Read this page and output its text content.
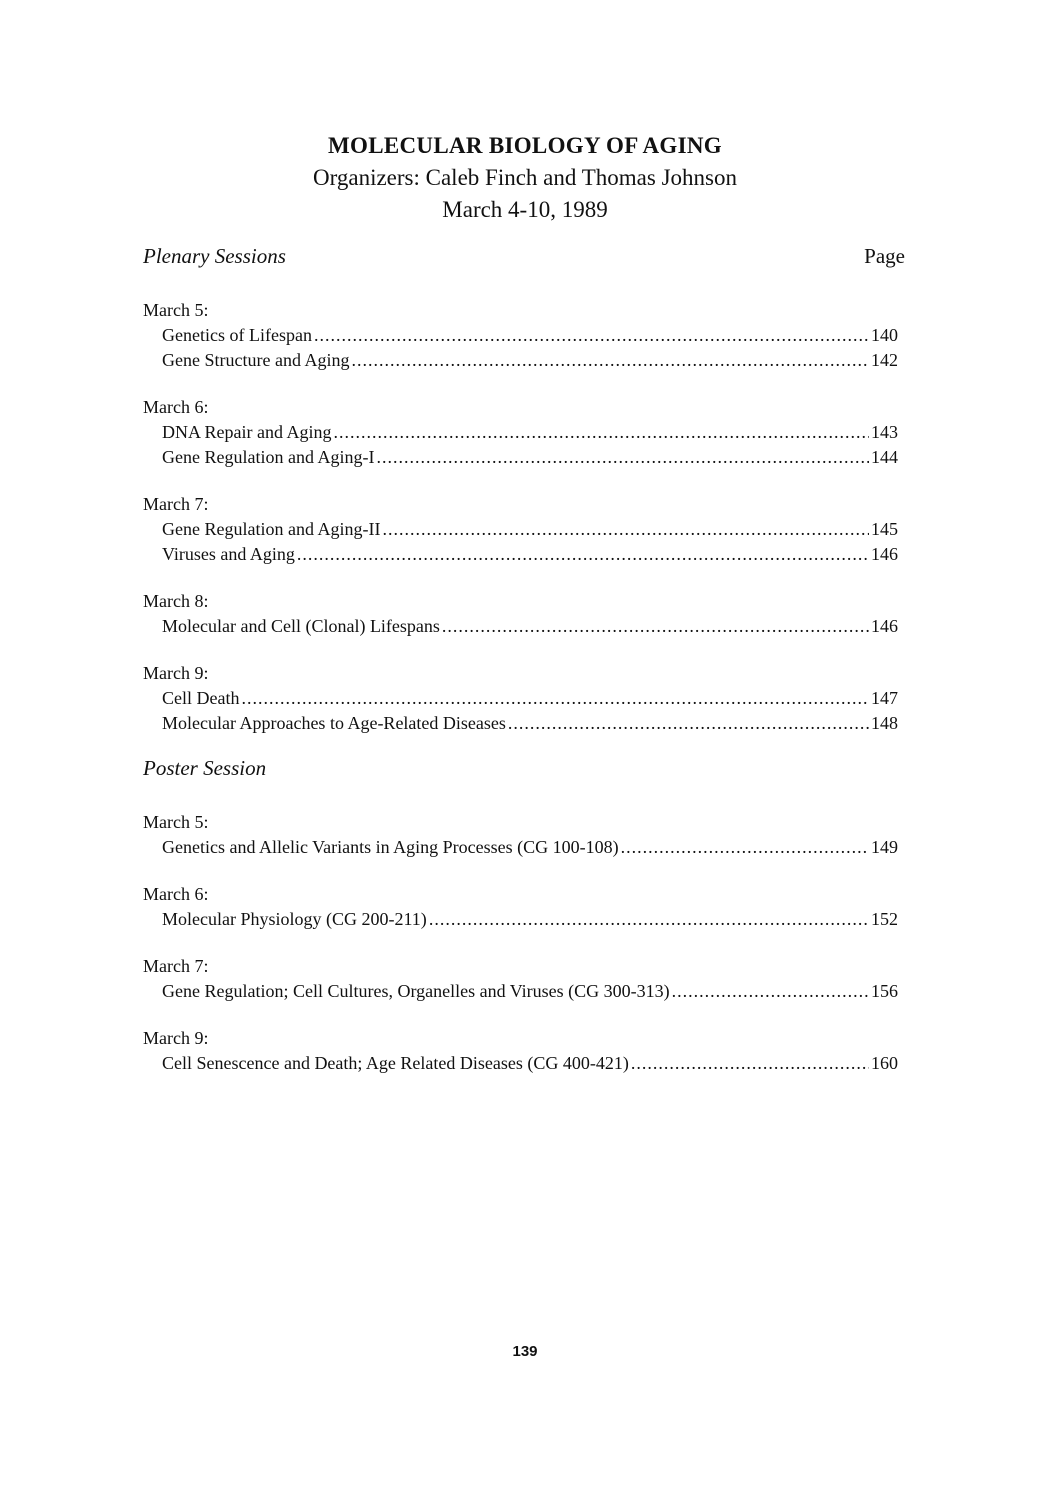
MOLECULAR BIOLOGY OF AGING

Organizers: Caleb Finch and Thomas Johnson

March 4-10, 1989

Plenary Sessions	Page
March 5:
Genetics of Lifespan .....	140
Gene Structure and Aging .....	142
March 6:
DNA Repair and Aging .....	143
Gene Regulation and Aging-I .....	144
March 7:
Gene Regulation and Aging-II .....	145
Viruses and Aging .....	146
March 8:
Molecular and Cell (Clonal) Lifespans .....	146
March 9:
Cell Death .....	147
Molecular Approaches to Age-Related Diseases .....	148
Poster Session
March 5:
Genetics and Allelic Variants in Aging Processes (CG 100-108) .....	149
March 6:
Molecular Physiology (CG 200-211) .....	152
March 7:
Gene Regulation; Cell Cultures, Organelles and Viruses (CG 300-313) .....	156
March 9:
Cell Senescence and Death; Age Related Diseases (CG 400-421) .....	160
139
